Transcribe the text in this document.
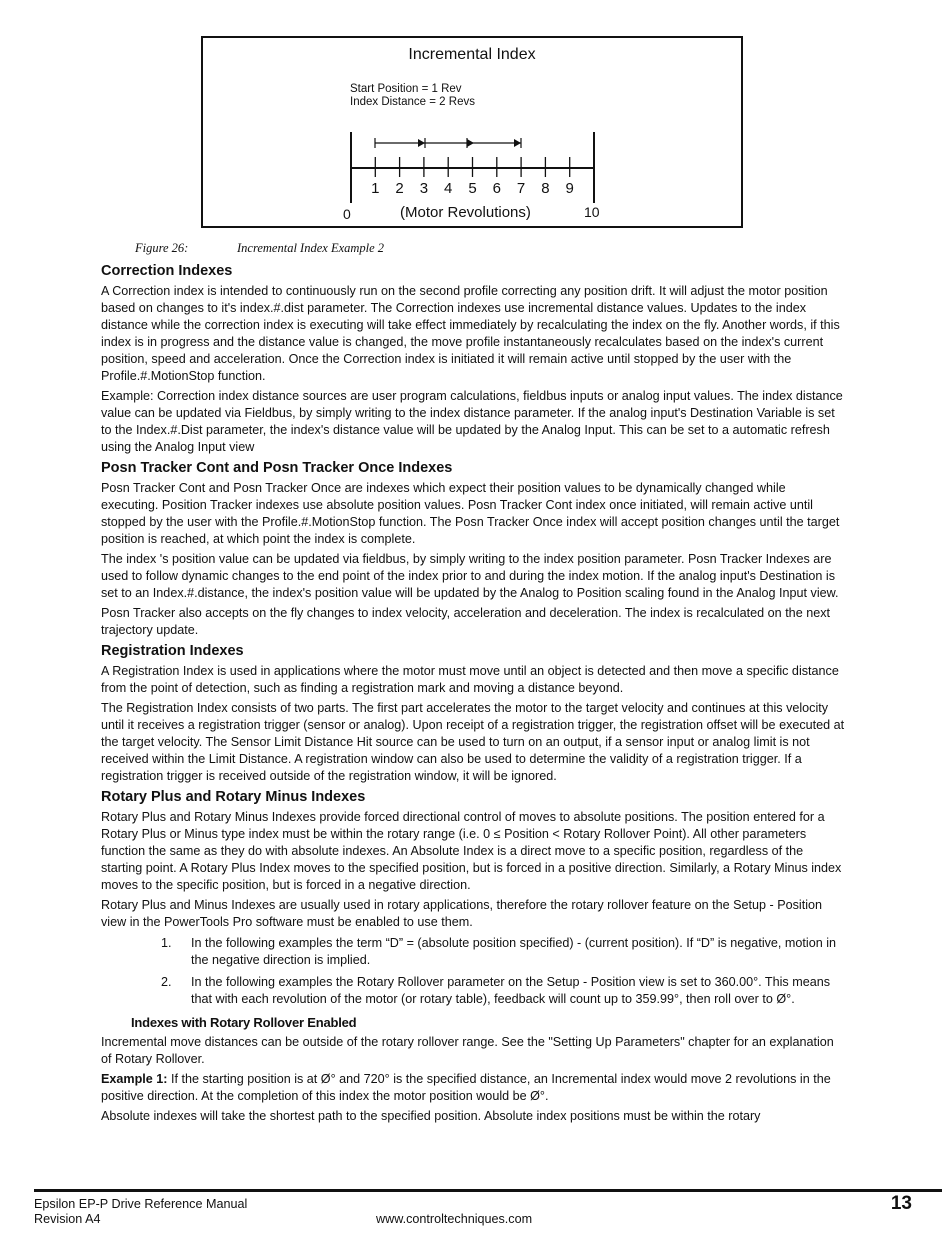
Incremental Index
Start Position = 1 Rev
Index Distance = 2 Revs
1	2	3	4	5	6	7	8	9
0	10
(Motor Revolutions)
Figure 26:	Incremental Index Example 2
Correction Indexes

A Correction index is intended to continuously run on the second profile correcting any position drift. It will adjust the motor position based on changes to it's index.#.dist parameter. The Correction indexes use incremental distance values. Updates to the index distance while the correction index is executing will take effect immediately by recalculating the index on the fly. Another words, if this index is in progress and the distance value is changed, the move profile instantaneously recalculates based on the index's current position, speed and acceleration. Once the Correction index is initiated it will remain active until stopped by the user with the Profile.#.MotionStop function.

Example: Correction index distance sources are user program calculations, fieldbus inputs or analog input values. The index distance value can be updated via Fieldbus, by simply writing to the index distance parameter. If the analog input's Destination Variable is set to the Index.#.Dist parameter, the index's distance value will be updated by the Analog Input. This can be set to a automatic refresh using the Analog Input view

Posn Tracker Cont and Posn Tracker Once Indexes

Posn Tracker Cont and Posn Tracker Once are indexes which expect their position values to be dynamically changed while executing. Position Tracker indexes use absolute position values. Posn Tracker Cont index once initiated, will remain active until stopped by the user with the Profile.#.MotionStop function. The Posn Tracker Once index will accept position changes until the target position is reached, at which point the index is complete.

The index 's position value can be updated via fieldbus, by simply writing to the index position parameter. Posn Tracker Indexes are used to follow dynamic changes to the end point of the index prior to and during the index motion. If the analog input's Destination is set to an Index.#.distance, the index's position value will be updated by the Analog to Position scaling found in the Analog Input view.

Posn Tracker also accepts on the fly changes to index velocity, acceleration and deceleration. The index is recalculated on the next trajectory update.

Registration Indexes

A Registration Index is used in applications where the motor must move until an object is detected and then move a specific distance from the point of detection, such as finding a registration mark and moving a distance beyond.

The Registration Index consists of two parts. The first part accelerates the motor to the target velocity and continues at this velocity until it receives a registration trigger (sensor or analog). Upon receipt of a registration trigger, the registration offset will be executed at the target velocity. The Sensor Limit Distance Hit source can be used to turn on an output, if a sensor input or analog limit is not received within the Limit Distance. A registration window can also be used to determine the validity of a registration trigger. If a registration trigger is received outside of the registration window, it will be ignored.

Rotary Plus and Rotary Minus Indexes

Rotary Plus and Rotary Minus Indexes provide forced directional control of moves to absolute positions. The position entered for a Rotary Plus or Minus type index must be within the rotary range (i.e. 0 ≤ Position < Rotary Rollover Point). All other parameters function the same as they do with absolute indexes. An Absolute Index is a direct move to a specific position, regardless of the starting point. A Rotary Plus Index moves to the specified position, but is forced in a positive direction. Similarly, a Rotary Minus index moves to the specific position, but is forced in a negative direction.

Rotary Plus and Minus Indexes are usually used in rotary applications, therefore the rotary rollover feature on the Setup - Position view in the PowerTools Pro software must be enabled to use them.

1. In the following examples the term “D” = (absolute position specified) - (current position). If “D” is negative, motion in the negative direction is implied.
2. In the following examples the Rotary Rollover parameter on the Setup - Position view is set to 360.00°. This means that with each revolution of the motor (or rotary table), feedback will count up to 359.99°, then roll over to Ø°.
Indexes with Rotary Rollover Enabled

Incremental move distances can be outside of the rotary rollover range. See the "Setting Up Parameters" chapter for an explanation of Rotary Rollover.

Example 1: If the starting position is at Ø° and 720° is the specified distance, an Incremental index would move 2 revolutions in the positive direction. At the completion of this index the motor position would be Ø°.

Absolute indexes will take the shortest path to the specified position. Absolute index positions must be within the rotary

Epsilon EP-P Drive Reference Manual
Revision A4	www.controltechniques.com
13
